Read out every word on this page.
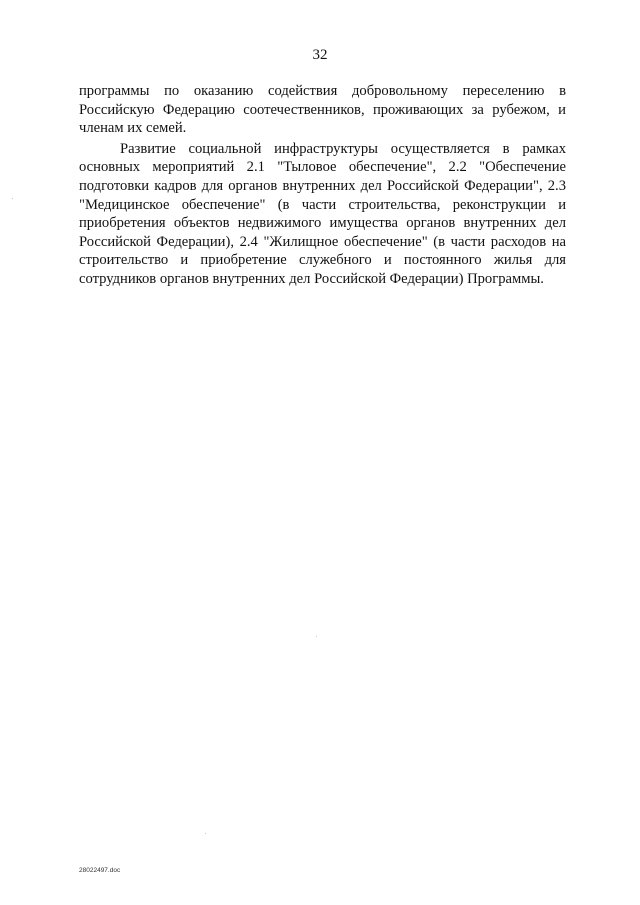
32

программы по оказанию содействия добровольному переселению в Российскую Федерацию соотечественников, проживающих за рубежом, и членам их семей.

Развитие социальной инфраструктуры осуществляется в рамках основных мероприятий 2.1 "Тыловое обеспечение", 2.2 "Обеспечение подготовки кадров для органов внутренних дел Российской Федерации", 2.3 "Медицинское обеспечение" (в части строительства, реконструкции и приобретения объектов недвижимого имущества органов внутренних дел Российской Федерации), 2.4 "Жилищное обеспечение" (в части расходов на строительство и приобретение служебного и постоянного жилья для сотрудников органов внутренних дел Российской Федерации) Программы.

28022497.doc
